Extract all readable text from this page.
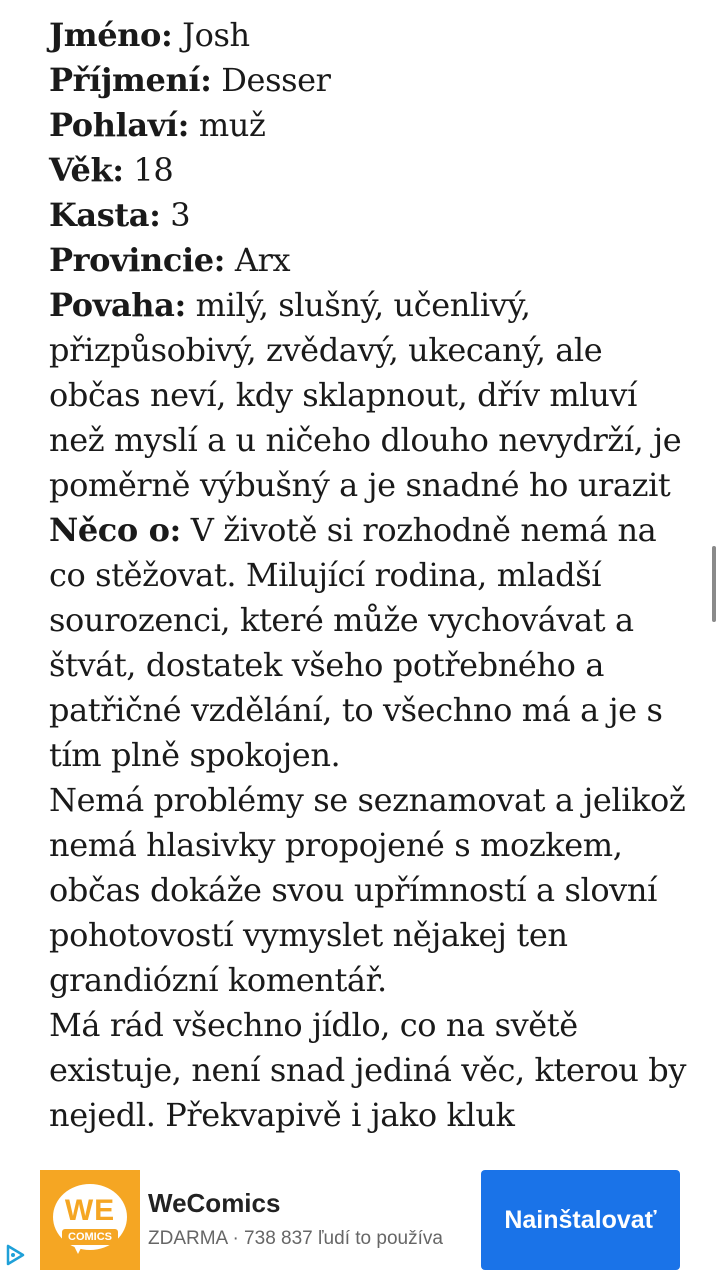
Jméno: Josh

Příjmení: Desser

Pohlaví: muž

Věk: 18

Kasta: 3

Provincie: Arx

Povaha: milý, slušný, učenlivý, přizpůsobivý, zvědavý, ukecaný, ale občas neví, kdy sklapnout, dřív mluví než myslí a u ničeho dlouho nevydrží, je poměrně výbušný a je snadné ho urazit

Něco o: V životě si rozhodně nemá na co stěžovat. Milující rodina, mladší sourozenci, které může vychovávat a štvát, dostatek všeho potřebného a patřičné vzdělání, to všechno má a je s tím plně spokojen.

Nemá problémy se seznamovat a jelikož nemá hlasivky propojené s mozkem, občas dokáže svou upřímností a slovní pohotovostí vymyslet nějakej ten grandiózní komentář.

Má rád všechno jídlo, co na světě existuje, není snad jediná věc, kterou by nejedl. Překvapivě i jako kluk

WE
COMICS
WeComics
ZDARMA · 738 837 ľudí to používa
Nainštalovať
